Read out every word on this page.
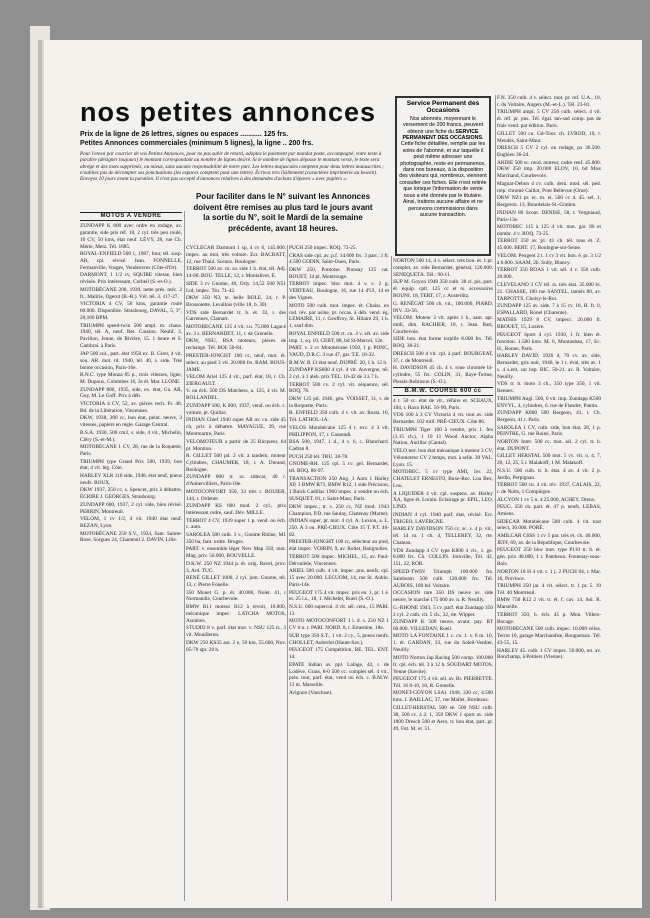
nos petites annonces
Prix de la ligne de 26 lettres, signes ou espaces ........... 125 frs.
Petites Annonces commerciales (minimum 5 lignes), la ligne .. 200 frs.
Pour l'envoi par courrier de vos Petites Annonces, pour ne pas subir de retard, adoptez le paiement par mandat poste, accompagné, votre texte à paraître (désigner toujours) le montant correspondant au nombre de lignes désiré. Si le nombre de lignes dépasse le montant versé, le texte sera abrégé et des mots supprimés, ou mieux, sans aucune responsabilité de notre part. Les lettres majuscules comptent pour deux lettres manuscrites ; n'oubliez pas de décompter ses ponctuations (les espaces comptent pour une lettre). Écrivez très lisiblement (caractères imprimerie au besoin). Envoyez 10 jours avant la parution. Il n'est pas accepté d'annonces relatives à des demandes d'achats d'épaves « avec papiers ».
Pour faciliter dans le N° suivant les Annonces doivent être remises au plus tard le jours avant la sortie du N°, soit le Mardi de la semaine précédente, avant 18 heures.
Service Permanent des Occasions
Nos abonnés, moyennant le versement de 200 francs, peuvent obtenir une fiche du SERVICE PERMANENT DES OCCASIONS. Cette fiche détaillée, remplie par les soins de l'abonné, et sur laquelle il peut même adresser une photographie, reste en permanence, dans nos bureaux, à la disposition des visiteurs qui, nombreux, viennent consulter ces fiches. Elle n'est retirée que lorsque l'information de vente nous a été donnée par le titulaire. Ainsi, traitons aucune affaire et ne percevons commissions dans aucune transaction.
MOTOS A VENDRE

ZUNDAPP K 800 avec ordre en rodage, av. garantie, side pris réf. 18, 2 cyl. très peu roulé, 10 CV, 50 kms, état neuf. LÉVY, 28, rue Ch. Mérie, Metz. Tél. 1885.

ROYAL-ENFIELD 500 1, 1987, four, tél. susp. AR, cpl. révisé. Jean. FONNELLE, Fermanville, Vosges, Vendeuvres (Côte-d'Or).

DARMONT, 1 1/2 cv, SQUIRE vitesse, bien révisée. Prix intéressant, Corbeil (S.-et-O.).

MOTOBÉCANE 200, 1939, nette prés. méc. 2 fr., Malirie, Ogerut (B.-R.). Vél. tél. 3. 117-27.

VICTORIA 4 CV, 50 kms, garantie roulé 60.000. Disponible. Strasbourg, DAVAL, 5, 3°, 20,166 BPM.

TRIUMPH speed-twin 500 ampl. m. chaus. 1940, tél. A, neuf. Ret. Cassion. Neuhf. 3, Pavillon, Jeune, de Rivière, 15. 1 heure et S. Cambrai. à Paris.

JAP 500 cul., part. état 1950 ex. B. Girer, 4 vit. sou. AR. mot. rd. 1940, tél. 40, s. side. Très bonne occasion, Paris-16e.

B.N.C. type Monza 85 p., trois vitesses, ligne, M. Dupoux, Colombes 16, 2e ét. Mar. LLONE.

ZUNDAPP 800, 1935, side, ex. état, Ga. AR, Guy, M. Le Goff. Prix à déb.

VICTORIA 4 CV, 52, av. pièces rech. Fr. 48. Bd. de la Libération, Vincennes.

DKW, 1938, 200 cc, bon état, peint. neuve, 3 vitesses, papiers en règle. Garage Central.

B.S.A. 1930, 500 cm3, s. side, 4 vit., Michelin, Cléry (S.-et-M.).

MOTOBÉCANE 1 CV, 28, rue de la Roquette, Paris.

TRIUMPH type Grand Prix 500, 1939, bon état, 4 vit. lég. Côte.

HARLEY XLR 110 side, 1948, état neuf, pneus neufs. ROUX.

DKW 1937, 250 cc, s. Spencer, prix à débattre, ÉCRIRE J. GEORGES, Strasbourg.

ZUNDAPP 600, 1937, 2 cyl. side, bien révisé. PERRIN, Montreuil.

VELOM, 1 cv 1/2, 4 vit. 1940 état neuf. BEZAN, Lyon.

MOTOBÉCANE 250 S.V., 1934, Sant. Sainte-Rose, Sorgues 24, Chanteuil 2. DAVIN, Lille.

CYCLECAR Darmont 1 sp, 4 cv 6, 145.000, impec. au moi, très voiture. Ecr. BACRATT, 12, rue Thaul. Sceaux. Boulogne.

TERROT 500 av. cu. sa. side 1 h. état, tél. Adj. 14-00. BOU. TELLE, 12, r. Montalivet, E.

SIDE 3 cv Gnome, 40, Orly. 14,52 500 N51 Ltd, impec. Tru. 71-42.

DKW 350 N3, te. belle BOLE, 24, r. P. Brossolette, Levallois (ville 18, b. 30).

VDS side Bernardet tr. b. ét. 33, r. des Garrennes, Clamart.

MOTOBECANE 125 4 vit. t.u. 75.000 Lagacé av. 3 s. BERNARDET, 11, r. de Grenelle.

DKW, NSU, BSA moteurs, pièces de rechange. Tél. BOL 50-84.

PRESTER-JONGHT 100 cc, neuf, mot. ét. select. au pied 3 vit. 20.000 frs. RAM. BOUS-JAME.

VELOM Ariel 125 4 vit., parf. état, 18, r. Ch. ZIERGAULT.

V. ou éch. 500 DS Matchess, a. 125, 4 vit. M. ROLLANDEL.

ZUNDAPP 500, K 800, 1937, vend. ou éch. c. voiture, pr. Quillac.

INDIAN Chief 1940 super AR av. cu. side 45 ch, prix à débattre. MAYAGUE, 39, rue Montmartre, Paris.

VELOMOTEUR a partir de 25 Ricqueur, 64 pl. Montion.

R. GILLET 500 pd. 2 vit. à tandem, moteur Cylindres, CHAUMER, 18, r. A. Durand, Boulogne.

ZUNDAPP 800 tr. ss. sidecar, 40 r. d'Aubervilliers, Paris-18e.

MOTOCONFORT 350, 33 très r. ROUIER, 144, r. Ordener.

ZUNDAPP KS 600 mod. 2 cyl., prix intéressant ordre, sauf. Dév. MILLE.

TERROT 4 CV, 1939 super 1 p. vend. ou éch. c. auto.

SAROLEA 500 culb. 3 v., Gnome Rhône, M1 350 ba, fant. ordre. Bruges.

PART. v. ensemble léger New Map 350, mot. Mag, priv. 50.000, BOUVELLE.

D.K.W. 250 NZ 1944 p. ét. orig. Ravel, prov. 3, Ard. TUC.

RENÉ GILLET 1000, 2 cyl. jum. Gnome, tél. 13, r. Pierre Fonelle.

350 Monet G. p. ét. 40.000, Nolet. 41, r Normandie, Courbevoie.

BMW R11 moteur R12 à revoir, 10.000, mécanique impec. LATCHA MOTOS, Asnières.

STUDIO 8 v. parf. état mot. v. NSU 125 tr., 3 vit. Mouilleron.

DKW 250 KS35 aut. 2 e, 50 km, 55.600, Nov. 05-70 apr. 20 h.

PUCH 250 impec. ROQ. 73-25.

CRAS side cpl. av. p.f. 14.600 frs. 3 parc. 3 fr. 4.500 GODIN, Saint-Ouen, Paris.

DKW 250, Pontoise. Pionsay 125 cat. ROUET, 14 pl. Montrouge.

TERROT impec. bloc mot. 4 v. s. 2 g. VERTEAU, Boulogne, 16, rue 14 d'Ul, 14 et des Vignes.

MOTO 500 culb. mot. impec. ét. Chaiss. en rod. rév. par usine, pr. occas. à déb. vend. ég. LEMAIRE, 11, r. Geoffroy, St. Hilaire 29, 1 h. 1, sauf dim.

ROYAL ENFIELD 500 ct. cu. 4 v. sél. av. side imp. 1, sq. 10, CEBT, 88, bd St-Marcel, 12e.

PART. v. 2 cv Motobécane 1950, 1 p. PONC, VAUD, D.R.C. 3 rue 47, gar. T.E. 18-32.

B.M.W. R 13 état neuf. DUPRÉ. 20, 1 h. 12 h.

ZUNDAPP KS600 4 cyl. 4 vit. Auvergne, tél. 2 cyl. à 1 aleb. prix TEL. 16-42 de 3 à 7 h.

TERROT 500 cv. 2 cyl. vit. séquence, sél. ROQ. 76.

DKW 125 pd. 1946, gén. VOISSET, 31, r. de la Roquette, Paris.

R. ENFIELD 350 culb. 4 v. vit. av. Rosta. 16, Tél. LATHOL-1A.

VELOS Motobécane 125 4 t. exc. 4 3 vit. PHILIPPON, 17, r. Gassendi.

BSA 500, 1947, 1 d., 4 s. 6, c. Blanchard. Cadran 8.

PUCH 250 tél. TRU. 38-78.

GNOME-RH. 125 cpl. 5 cv. gel. Bernardet, tél. ROQ. 86-97.

TRANSACTION 250 Ang. 1 Aarn 1 Harley XP, 3 BMW R71, BMW R12, 1 side Précision, 1 Buick Cadillac 1960 impec. à vendre ou éch. SUSQUET, 81, r. Saint-Maur, Paris.

DKW impec., tr. s. 250 cc, NZ mod. 1943 Champion, P.D. rue Saulay, Chatenay (Marne).

INDIAN super, pr. mot. 4 cyl. A. Lexion, a. L. 250. A 3 ou. PRÉ-CIEUX. Côte 15 T. P.T. 40-82.

PRESTER-JONGHT 100 cc, sélecteur au pied, état impec. VOIRIN, 9, av. Rollet, Batignolles.

TERROT 500 impec. MICHEL, 15, av. Paul-Déroulède, Vincennes.

ARIEL 500 culb. 4 vit. impec. pns. neufs, cpl. 15 avec 20.000. LECUOM, 14, rue St. Aubin. Paris-14e.

PEUGEOT 175 4 vit. impec. pris en. 1, pr. 1 é. et. 25 i.s., 18, 1. Michelet, Rueil (S.-O.).

N.S.U. 600 supercul. 4 vit. sél. cent., 15 PARI. 13.

MOTO MOTOCONFORT 1 i. d. s. 250 NZ 1 CV 6 n. r. PARI. NORD. 8, r. Ernestine, 18e.

SUB type 350 S.T., 1 vit. 2 cy., 5, pneus neufs. CHOLLET, Auberlot (Haute-Sav.).

PEUGEOT 175 Compétition, RE. TEL. ENT. 14.

EPATE Indian av. ppl. Lafage, 42, r. de Lodève, Grass, 8-0 500 cc. complet sél. 4 vit., près. tout, parf. état, vend ou éch. c. B.M.W. 13 m. Marseille.

Avignon (Vaucluse).

NORTON 500 14, 4 v. sélect. très bon. ét. 1 pr. complet, av. side Bernardet, général, 120.000. SENEQUETA. Tél.: 90-11.

SUP M. Goyon 1948 350 culb. 38 cl. pis. part. ét. équip. cplt. 125 cc et ts. accessoires BOUNI, 18, TERT, 17, r. Austerlitz.

G. RENÉGAT 500 ch. vit., 100.000, PIARD, INV. 33-56.

VELOM. Moteur 3 vit. après 1 h., sam. apr. midi, dim. RACHIER, 10, r. Jean. Bart, Courbevoie.

SIDE bon. état forme torpille 8.000 frs. Tél. ROQ. 38-21.

DRESCH 500 4 vit. cpl. à parf. BOURGEAT, 37, r. de Montreuil.

H. DAVIDSON 45 ch. 4 v. roue chromée bi-cylindre, 55 frs. COLIN, 31, Raye-Tortue, Plessis-Robinson (S.-O.).

B.M.W. COURSE 600 cc

4 t. 50 cc. état de vit., réfaire et. SCEAUX, 104, r. Haxo BAE. 56-90, Paris.

VDS 100 à 3 CV Victoria 4 vit. tout av. side Bernardet. 102 mill. PRÉ-CIEUX. Côte 86.

TRIUMPH Tiger 100 à vendre, pris 1. feu (3.15 ch.), 1 10 11 Wood Auctor, Alpha Nation, Aurillac (Cantal).

VELO terr. bon état mécanique à moteur 3 CV, Vélomoteur CV 2 temps, mot. à selle. 30 VAL. Lyon. 15.

MOTOBEC. 5 cv type AMI, 1er. 22, CHATELET ERNESTO, Buxe-Roc. Lou Bex, Lou.

A LIQUIDER 4 vit. cpl. suspens. av. Harley XA, ligne ét. Lorain. Eclairage pr. EPIL, LEO, LIND.

INDIAN 4 cyl. 1940 parf. état, révisé. Ecr. TRIGEO, LAVERGNE.

HARLEY DAVIDSON 750 cc, sc. s. 4 p. vit., tél. 14 m. 1 ch. 4, TELLEREY, 32, rte. Chateau.

VDS Zundapp 4 CV type K800 4 vit., 1. ge. 8.000 frs. Ch. COLLIN. Joinville, Tél. 42, 151, 22, ROB.

SPEED-TWIN Triumph 100.000 frs. Sainbeam 500 culb. 120.000 frs. Tél. AUBOIS, 180 bd. Voltaire.

OCCASION rare 350 DS neuve av. side neuve, le marché 175 000 av. n. R. Neuilly.

G.-RHONE 1943, 5 cv. parf. état Zundapp 350 2 cyl. 2 cath. vit. 5 ch., 32, rte. Wipper.

ZUNDAPP K 500 neuve, avant. pay. RT 60.000. VILLEDAN, Rueil.

MOTO LA FONTAINE 1 c. cn. 1. s. 6 m. 10, 1. ét. GARDAN, 33, rue du Soleil-Verdier, Neuilly.

MOTO Norton Jap Racing 500 comp. 100.000 fr. cpl. éch. tél. 3 à 12 h. SOUDART MOTOS, Yenne (Savoie).

PEUGEOT 175 4 vit. sél. av. Br. PIERRETTE. Tél. 16 8-10, 10, R. Grenelle.

MONET-GOYON LSA1 1948, 330 cc, 4.500 kms. J. BAILLAC, 37, rue Mallet, Bordeaux.

GILLET-HERSTAL 500 sé. 500 NSU culb. 38, 500 cc. à 2. 1, 350 DKW 1 sport av. side 1000 Dresch 500 et Aero, tr. bon état, part. pr. 49, Fnt. M. et. 51.

F.N. 350 culb. 4 v. sélect. mot. pr. ref. U.A., 10, r. du Voltaire, Angers (M.-et-L.). Tél. 23-81.

TRIUMPH ampl. 5 CV 250 culb. sélect. 4 vit. ét. réf. pr. pns. Tél. égal. tan-sad comp. pas de frais vend. par édition. Paris.

GILLET 500 cu. Gd-Tour. ch. LVROD, 10, r. Mendès, Saint-Maur.

DRESCH 5 CV 2 cyl. en rodage, px 36.500. Enghien 36-24.

ARDIE 500 sc. mod. moteur, cadre renf. 45.000. DKW 250 imp. 20.000 ELOV, 10, bd Miss Marchand, Courbevoie.

Magnat-Debon 4 cv. culb. dern. mod. sél. ped. imp. chromé Caillot, Pont Bellevue (Orne).

DKW NZ1 pr. ec. m. ét. 500 cc 4. 45. sel. 1, Bergeron. 13, Bourdelais-St.-Gratien.

INDIAN 80 Scout. DENISE, 58, r. Vergniaud, Paris-13e.

MOTOBEC 115 à 125 4 vit. mot. gar. 80 et nombr. 4 v. ROQ. 73-25.

TERROT 350 av. pl. 41 ch. tél. tous ét. Z. 45.000. BERT. 17, Boulogne-sur-Seine.

VELOM. Peugeot 2 t. 1 cv 3 vit. bon. é. pr. 3 1/2 à 6.000. SAAM, 2b. Sully, Blancy.

TERROT 350 ROAS 1 vit. sél. 4 v. 350 culb. 20.000.

CLEVELAND 3 CV tél. ts. très état. 35.000 bi. 21. CHASSE, 100 rue SANTEL, lamels 80, av. TARPOTTS, Choisy-le-Roi.

ZUNDAPP 125 av. side. 7 à 15 cv. 18, H. fr. 0, ESPALLARD, Ronel (Charente).

MATHIS 1929 8 CV, impecc. 20.000 fr. BROUET, 15, Lozère.

PEUGEOT Sport 4 cyl. 1930, 1 fr. bien ét. fonction. 1.500 kms. M. 6, Montauban, 17, Ec. H., Bonne, Paris.

HARLEY DAVID. 1926 4, 70 cv. av. side, Bernardet, gris noir, 1946, le 1 t. éval, très av. 1 s. 4 s.ent, sur bsp. BIC. 50-21. av. R. Voltaire, Neuilly.

VDS tr. b. moto 3 ch., 350 type 350, 1 vit. Rennes.

TRIUMPH Angl. 500, 6 vit. imp. Zundapp K500 ENVYL, 4, cylindres, 6. rue de Flandre, Pantin.

ZUNDAPP K800 500 Bergeon, 41, r. Ch. Bergeon, 41 r. Paris.

SAROLEA 1 CV, culb. side, bon état, 28, 1 p. PEINTRE, G. rue Ruiné, Paris.

NORTON Inter. 500 cc. mot. sél. 2 cyl. tr. b. état. DUPONT.

GILLET HERSTAL 500 mot. 5 cv. vit. n. 4, 7, 20, 12, 25, 5 r. Malakoff, 1 M. Malakoff.

N.S.U. 500 culb. tr. b. état. 4 av. 4 vit. 2 p. Jardin, Perpignan.

TERROT 500 cu. 4 vit. rév. 1937, CALAIS, 22, r. de Nuits, 1 Compiègne.

ALCYON 1 cv 5 n. 4 25.000, ACHEY, Dreux.

PEUG. 350 ch. part. ét. 47 p. neufs, LEBAS, Amiens.

SIDECAR Motobécane 500 culb. 4 vit. tout select, 36.000. PORÉ.

AMILCAR C6SS 1 cv 5 par. très ét. ch. 40.000, JEFF, 69, av. de la République, Courbevoie.

PEUGEOT 250 bloc mot. type P110 tr. b. ét. gén. prix 48.000, 1 r. Pantheon. Fontenay-sous-Bois.

NORTON 18 H 4 vit. t. 1 j. 2 PUCH 64, r. Mar. 16, Province.

TRIUMPH 250 jar. 4 vit. sélect. tr. 1 pr. 5. 10 Tél. 40 Montreuil.

BMW 750 R12 2 vit. tr. ét. f. cav. 14. Sol. R. Marseille.

TERROT 350, b. éch. 45 p. Mon. Villers-Bocage.

MOTOBECANE 500 culb. impec. 10.000 vélos. Terrot 10, garage Marchandise, Bouguenais. Tél. 43-55, 15.

HARLEY 45. culb. 1 CV impec. 50.000, ret. av. Ronchamp, à Poitiers (Vienne).
